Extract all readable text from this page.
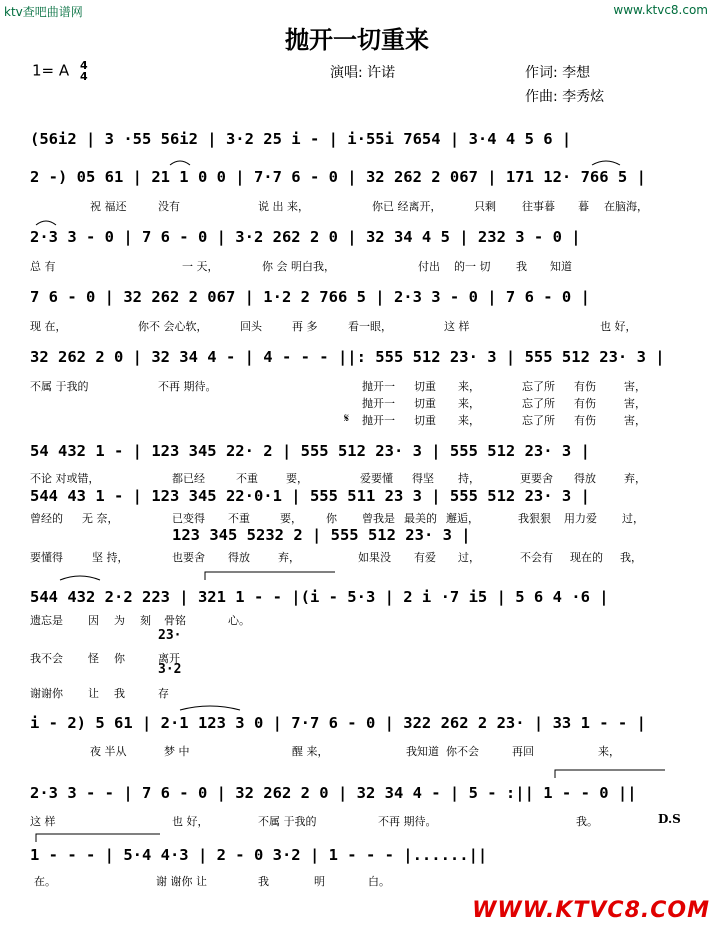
ktv查吧曲谱网	www.ktvc8.com
抛开一切重来
1= A 4
4	演唱: 许诺	作词: 李想
作曲: 李秀炫
(56i2 | 3 ·55 56i2 | 3·2 25 i - | i·55i 7654 | 3·4 4 5 6 |
2 -) 05 61 | 21 1 0 0 | 7·7 6 - 0 | 32 262 2 067 | 171 12· 766 5 |
祝 福还	没有	说 出 来，	你已 经离开，	只剩 往事暮 暮 在脑海，
2·3 3 - 0 | 7 6 - 0 | 3·2 262 2 0 | 32 34 4 5 | 232 3 - 0 |
总 有	一 天，	你 会 明白我，	付出 的一 切 我 知道
7 6 - 0 | 32 262 2 067 | 1·2 2 766 5 | 2·3 3 - 0 | 7 6 - 0 |
现 在，	你不 会心软，	回头	再 多	看一眼，	这 样	也 好，
32 262 2 0 | 32 34 4 - | 4 - - - ||: 555 512 23· 3 | 555 512 23· 3 |
不属 于我的	不再 期待。	抛开一 切重 来，	忘了所 有伤	害，
抛开一 切重 来，	忘了所 有伤	害，
𝄋 抛开一 切重 来，	忘了所 有伤	害，
54 432 1 - | 123 345 22· 2 | 555 512 23· 3 | 555 512 23· 3 |
不论 对或错，	都已经	不重	要，	爱要懂 得坚 持，	更要舍 得放	弃，
544 43 1 - | 123 345 22·0·1 | 555 511 23 3 | 555 512 23· 3 |
曾经的 无 奈，	已变得 不重	要， 你 曾我是 最美的 邂逅，	我狠狠 用力爱 过，
123 345 5232 2 | 555 512 23· 3 |
要懂得	坚 持，	也要舍 得放	弃，	如果没 有爱 过，	不会有 现在的 我，
544 432 2·2 223 | 321 1 - - |(i - 5·3 | 2 i ·7 i5 | 5 6 4 ·6 |
遗忘是 因 为 刻 骨铭	心。
23·
我不会 怪 你	离开
3·2
谢谢你 让 我	存
i - 2) 5 61 | 2·1 123 3 0 | 7·7 6 - 0 | 322 262 2 23· | 33 1 - - |
夜 半从	梦 中	醒 来，	我知道 你不会	再回	来，
2·3 3 - - | 7 6 - 0 | 32 262 2 0 | 32 34 4 - | 5 - :|| 1 - - 0 ||
这 样	也 好，	不属 于我的	不再 期待。	我。	D.S
1 - - - | 5·4 4·3 | 2 - 0 3·2 | 1 - - - |......||
在。	谢 谢你 让	我	明	白。
WWW.KTVC8.COM
